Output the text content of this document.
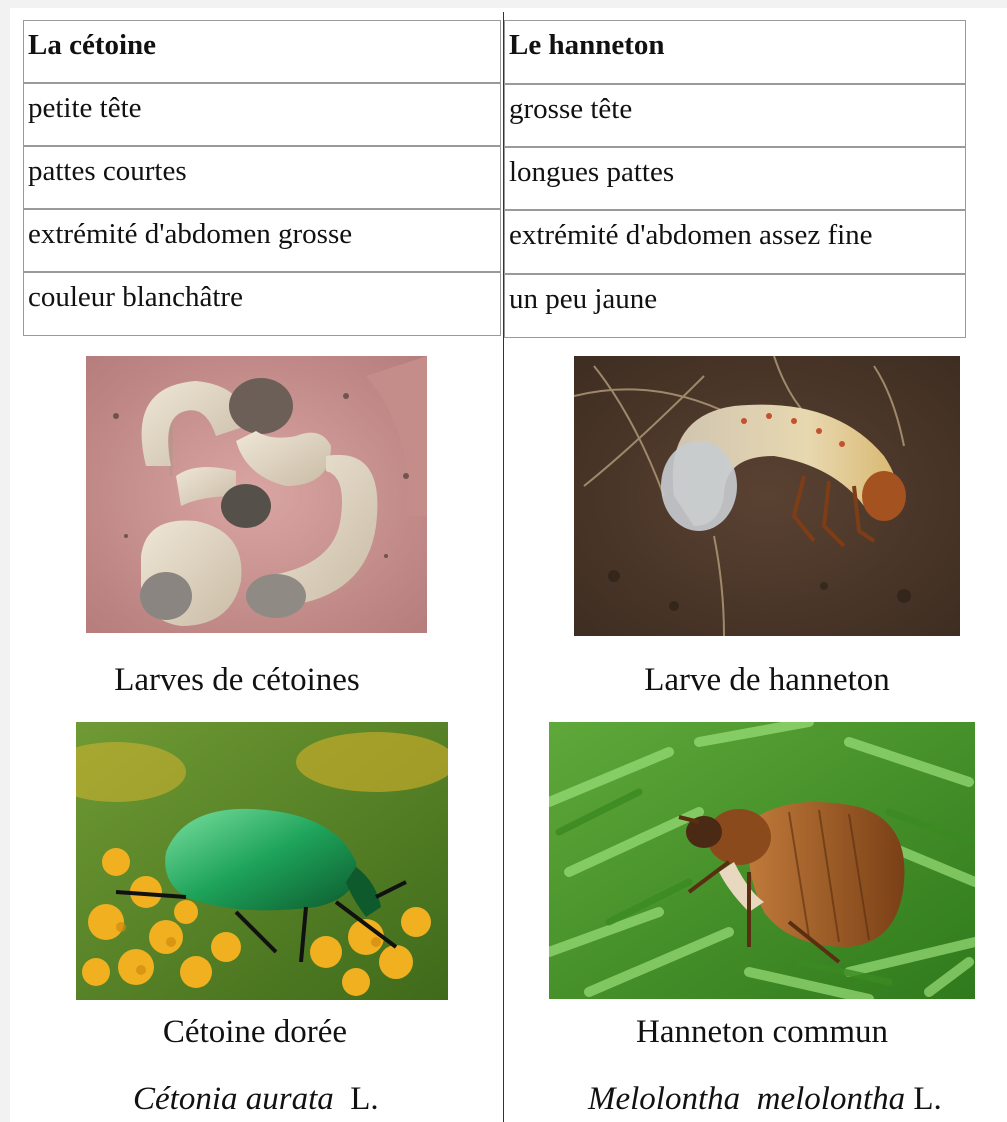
La cétoine	Le hanneton
petite tête	grosse tête
pattes courtes	longues pattes
extrémité d'abdomen grosse	extrémité d'abdomen assez fine
couleur blanchâtre	un peu jaune
Larves de cétoines	Larve de hanneton
Cétoine dorée	Hanneton commun
Cétonia aurata L.	Melolontha melolontha L.
